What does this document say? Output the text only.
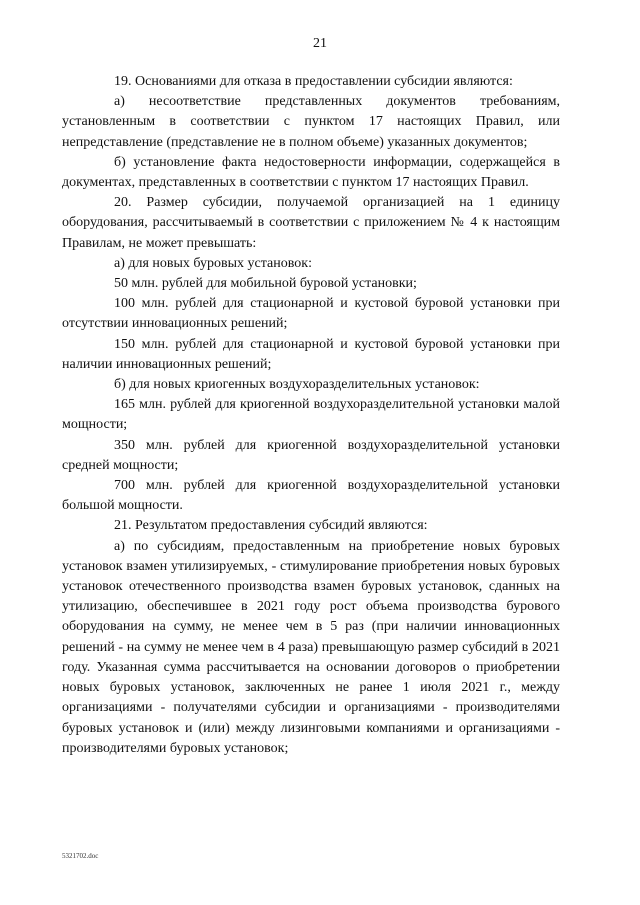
21

19. Основаниями для отказа в предоставлении субсидии являются:

а) несоответствие представленных документов требованиям, установленным в соответствии с пунктом 17 настоящих Правил, или непредставление (представление не в полном объеме) указанных документов;

б) установление факта недостоверности информации, содержащейся в документах, представленных в соответствии с пунктом 17 настоящих Правил.

20. Размер субсидии, получаемой организацией на 1 единицу оборудования, рассчитываемый в соответствии с приложением № 4 к настоящим Правилам, не может превышать:

а) для новых буровых установок:

50 млн. рублей для мобильной буровой установки;

100 млн. рублей для стационарной и кустовой буровой установки при отсутствии инновационных решений;

150 млн. рублей для стационарной и кустовой буровой установки при наличии инновационных решений;

б) для новых криогенных воздухоразделительных установок:

165 млн. рублей для криогенной воздухоразделительной установки малой мощности;

350 млн. рублей для криогенной воздухоразделительной установки средней мощности;

700 млн. рублей для криогенной воздухоразделительной установки большой мощности.

21. Результатом предоставления субсидий являются:

а) по субсидиям, предоставленным на приобретение новых буровых установок взамен утилизируемых, - стимулирование приобретения новых буровых установок отечественного производства взамен буровых установок, сданных на утилизацию, обеспечившее в 2021 году рост объема производства бурового оборудования на сумму, не менее чем в 5 раз (при наличии инновационных решений - на сумму не менее чем в 4 раза) превышающую размер субсидий в 2021 году. Указанная сумма рассчитывается на основании договоров о приобретении новых буровых установок, заключенных не ранее 1 июля 2021 г., между организациями - получателями субсидии и организациями - производителями буровых установок и (или) между лизинговыми компаниями и организациями - производителями буровых установок;

5321702.doc
